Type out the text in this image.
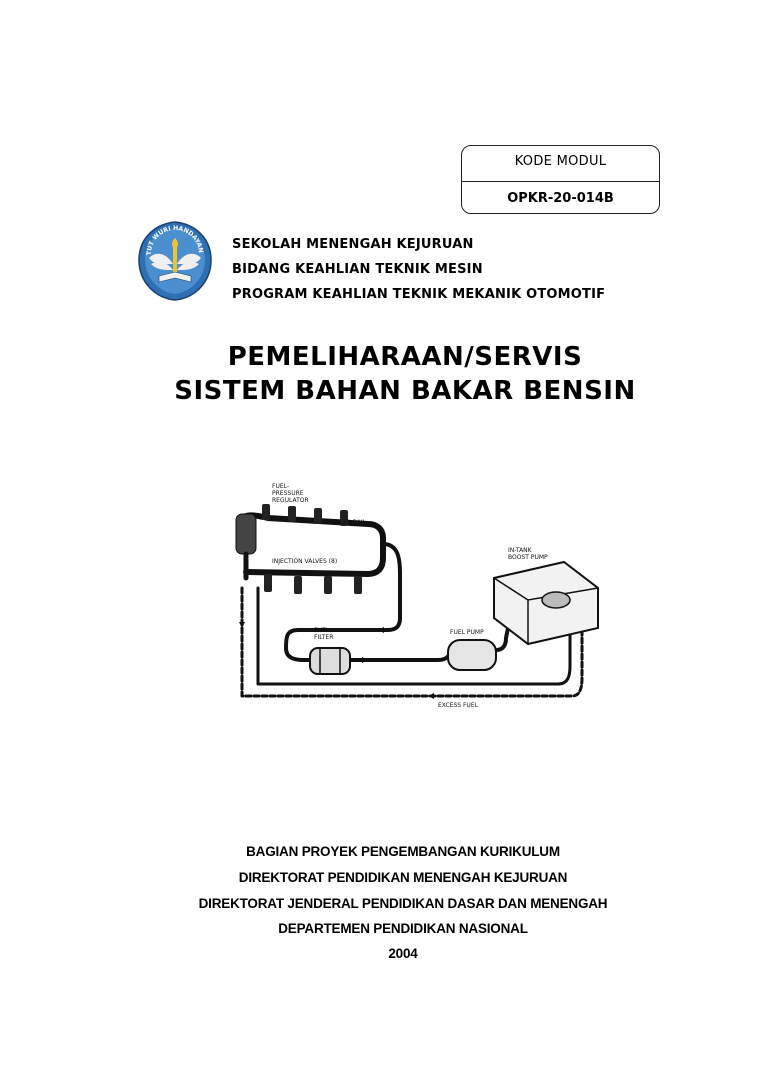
KODE MODUL
OPKR-20-014B
TUT WURI HANDAYAN SEKOLAH MENENGAH KEJURUAN
BIDANG KEAHLIAN TEKNIK MESIN
PROGRAM KEAHLIAN TEKNIK MEKANIK OTOMOTIF
PEMELIHARAAN/SERVIS
SISTEM BAHAN BAKAR BENSIN
FUEL-
PRESSURE
REGULATOR
FUEL RAIL
INJECTION VALVES (8)
IN-TANK
BOOST PUMP
FUEL
FILTER
FUEL PUMP
EXCESS FUEL
BAGIAN PROYEK PENGEMBANGAN KURIKULUM
DIREKTORAT PENDIDIKAN MENENGAH KEJURUAN
DIREKTORAT JENDERAL PENDIDIKAN DASAR DAN MENENGAH
DEPARTEMEN PENDIDIKAN NASIONAL
2004
